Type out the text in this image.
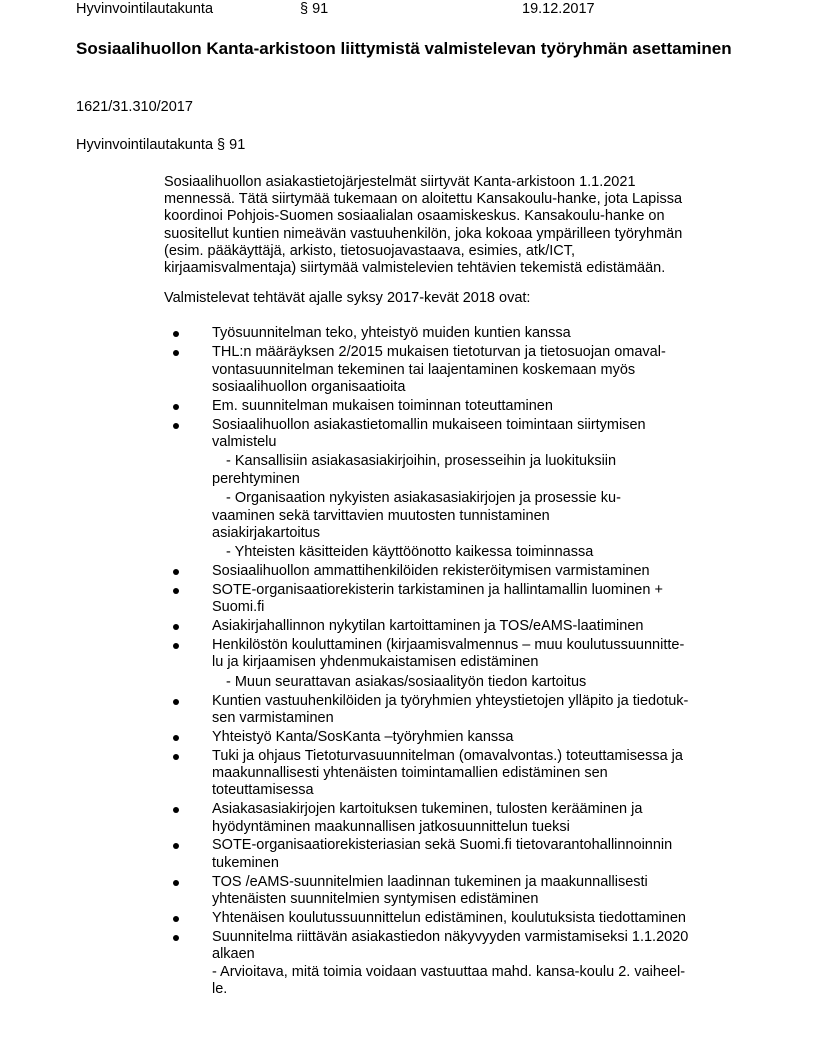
Hyvinvointilautakunta	§ 91	19.12.2017
Sosiaalihuollon Kanta-arkistoon liittymistä valmistelevan työryhmän asettaminen
1621/31.310/2017
Hyvinvointilautakunta § 91

Sosiaalihuollon asiakastietojärjestelmät siirtyvät Kanta-arkistoon 1.1.2021
mennessä. Tätä siirtymää tukemaan on aloitettu Kansakoulu-hanke, jota Lapissa
koordinoi Pohjois-Suomen sosiaalialan osaamiskeskus. Kansakoulu-hanke on
suositellut kuntien nimeävän vastuuhenkilön, joka kokoaa ympärilleen työryhmän
(esim. pääkäyttäjä, arkisto, tietosuojavastaava, esimies, atk/ICT,
kirjaamisvalmentaja) siirtymää valmistelevien tehtävien tekemistä edistämään.

Valmistelevat tehtävät ajalle syksy 2017-kevät 2018 ovat:

Työsuunnitelman teko, yhteistyö muiden kuntien kanssa
THL:n määräyksen 2/2015 mukaisen tietoturvan ja tietosuojan omaval-
vontasuunnitelman tekeminen tai laajentaminen koskemaan myös
sosiaalihuollon organisaatioita
Em. suunnitelman mukaisen toiminnan toteuttaminen
Sosiaalihuollon asiakastietomallin mukaiseen toimintaan siirtymisen
valmistelu
- Kansallisiin asiakasasiakirjoihin, prosesseihin ja luokituksiin
perehtyminen
- Organisaation nykyisten asiakasasiakirjojen ja prosessie ku-
vaaminen sekä tarvittavien muutosten tunnistaminen
asiakirjakartoitus
- Yhteisten käsitteiden käyttöönotto kaikessa toiminnassa
Sosiaalihuollon ammattihenkilöiden rekisteröitymisen varmistaminen
SOTE-organisaatiorekisterin tarkistaminen ja hallintamallin luominen +
Suomi.fi
Asiakirjahallinnon nykytilan kartoittaminen ja TOS/eAMS-laatiminen
Henkilöstön kouluttaminen (kirjaamisvalmennus – muu koulutussuunnitte-
lu ja kirjaamisen yhdenmukaistamisen edistäminen
- Muun seurattavan asiakas/sosiaalityön tiedon kartoitus
Kuntien vastuuhenkilöiden ja työryhmien yhteystietojen ylläpito ja tiedotuk-
sen varmistaminen
Yhteistyö Kanta/SosKanta –työryhmien kanssa
Tuki ja ohjaus Tietoturvasuunnitelman (omavalvontas.) toteuttamisessa ja
maakunnallisesti yhtenäisten toimintamallien edistäminen sen
toteuttamisessa
Asiakasasiakirjojen kartoituksen tukeminen, tulosten kerääminen ja
hyödyntäminen maakunnallisen jatkosuunnittelun tueksi
SOTE-organisaatiorekisteriasian sekä Suomi.fi tietovarantohallinnoinnin
tukeminen
TOS /eAMS-suunnitelmien laadinnan tukeminen ja maakunnallisesti
yhtenäisten suunnitelmien syntymisen edistäminen
Yhtenäisen koulutussuunnittelun edistäminen, koulutuksista tiedottaminen
Suunnitelma riittävän asiakastiedon näkyvyyden varmistamiseksi 1.1.2020
alkaen
- Arvioitava, mitä toimia voidaan vastuuttaa mahd. kansa-koulu 2. vaiheel-
le.
